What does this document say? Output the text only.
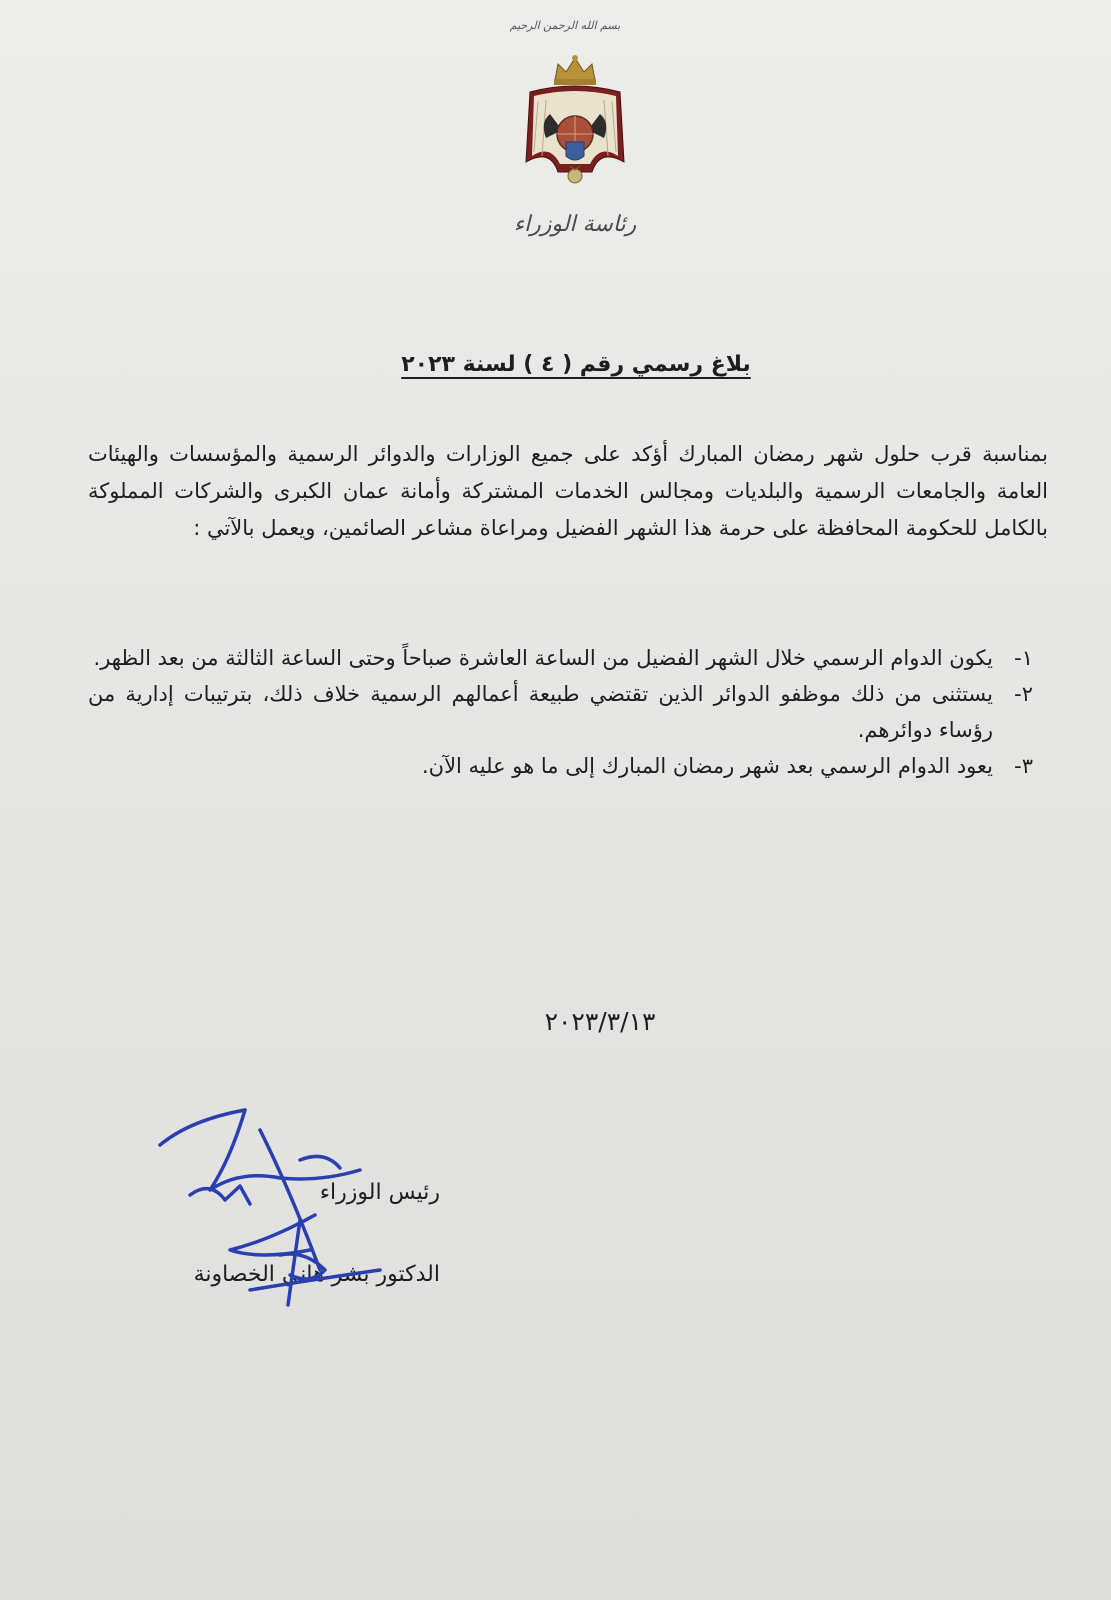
بسم الله الرحمن الرحيم
رئاسة الوزراء
بلاغ رسمي رقم ( ٤ ) لسنة ٢٠٢٣

بمناسبة قرب حلول شهر رمضان المبارك أؤكد على جميع الوزارات والدوائر الرسمية والمؤسسات والهيئات العامة والجامعات الرسمية والبلديات ومجالس الخدمات المشتركة وأمانة عمان الكبرى والشركات المملوكة بالكامل للحكومة المحافظة على حرمة هذا الشهر الفضيل ومراعاة مشاعر الصائمين، ويعمل بالآتي :

١-
يكون الدوام الرسمي خلال الشهر الفضيل من الساعة العاشرة صباحاً وحتى الساعة الثالثة من بعد الظهر.
٢-
يستثنى من ذلك موظفو الدوائر الذين تقتضي طبيعة أعمالهم الرسمية خلاف ذلك، بترتيبات إدارية من رؤساء دوائرهم.
٣-
يعود الدوام الرسمي بعد شهر رمضان المبارك إلى ما هو عليه الآن.
٢٠٢٣/٣/١٣
رئيس الوزراء
الدكتور بشر هاني الخصاونة
